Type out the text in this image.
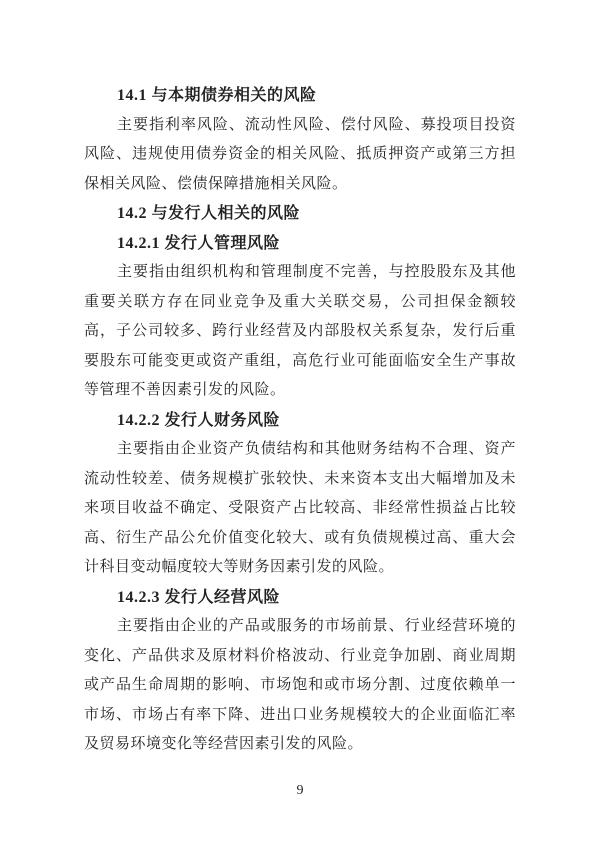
14.1 与本期债券相关的风险

主要指利率风险、流动性风险、偿付风险、募投项目投资风险、违规使用债券资金的相关风险、抵质押资产或第三方担保相关风险、偿债保障措施相关风险。

14.2 与发行人相关的风险
14.2.1 发行人管理风险

主要指由组织机构和管理制度不完善，与控股股东及其他重要关联方存在同业竞争及重大关联交易，公司担保金额较高，子公司较多、跨行业经营及内部股权关系复杂，发行后重要股东可能变更或资产重组，高危行业可能面临安全生产事故等管理不善因素引发的风险。

14.2.2 发行人财务风险

主要指由企业资产负债结构和其他财务结构不合理、资产流动性较差、债务规模扩张较快、未来资本支出大幅增加及未来项目收益不确定、受限资产占比较高、非经常性损益占比较高、衍生产品公允价值变化较大、或有负债规模过高、重大会计科目变动幅度较大等财务因素引发的风险。

14.2.3 发行人经营风险

主要指由企业的产品或服务的市场前景、行业经营环境的变化、产品供求及原材料价格波动、行业竞争加剧、商业周期或产品生命周期的影响、市场饱和或市场分割、过度依赖单一市场、市场占有率下降、进出口业务规模较大的企业面临汇率及贸易环境变化等经营因素引发的风险。

9
